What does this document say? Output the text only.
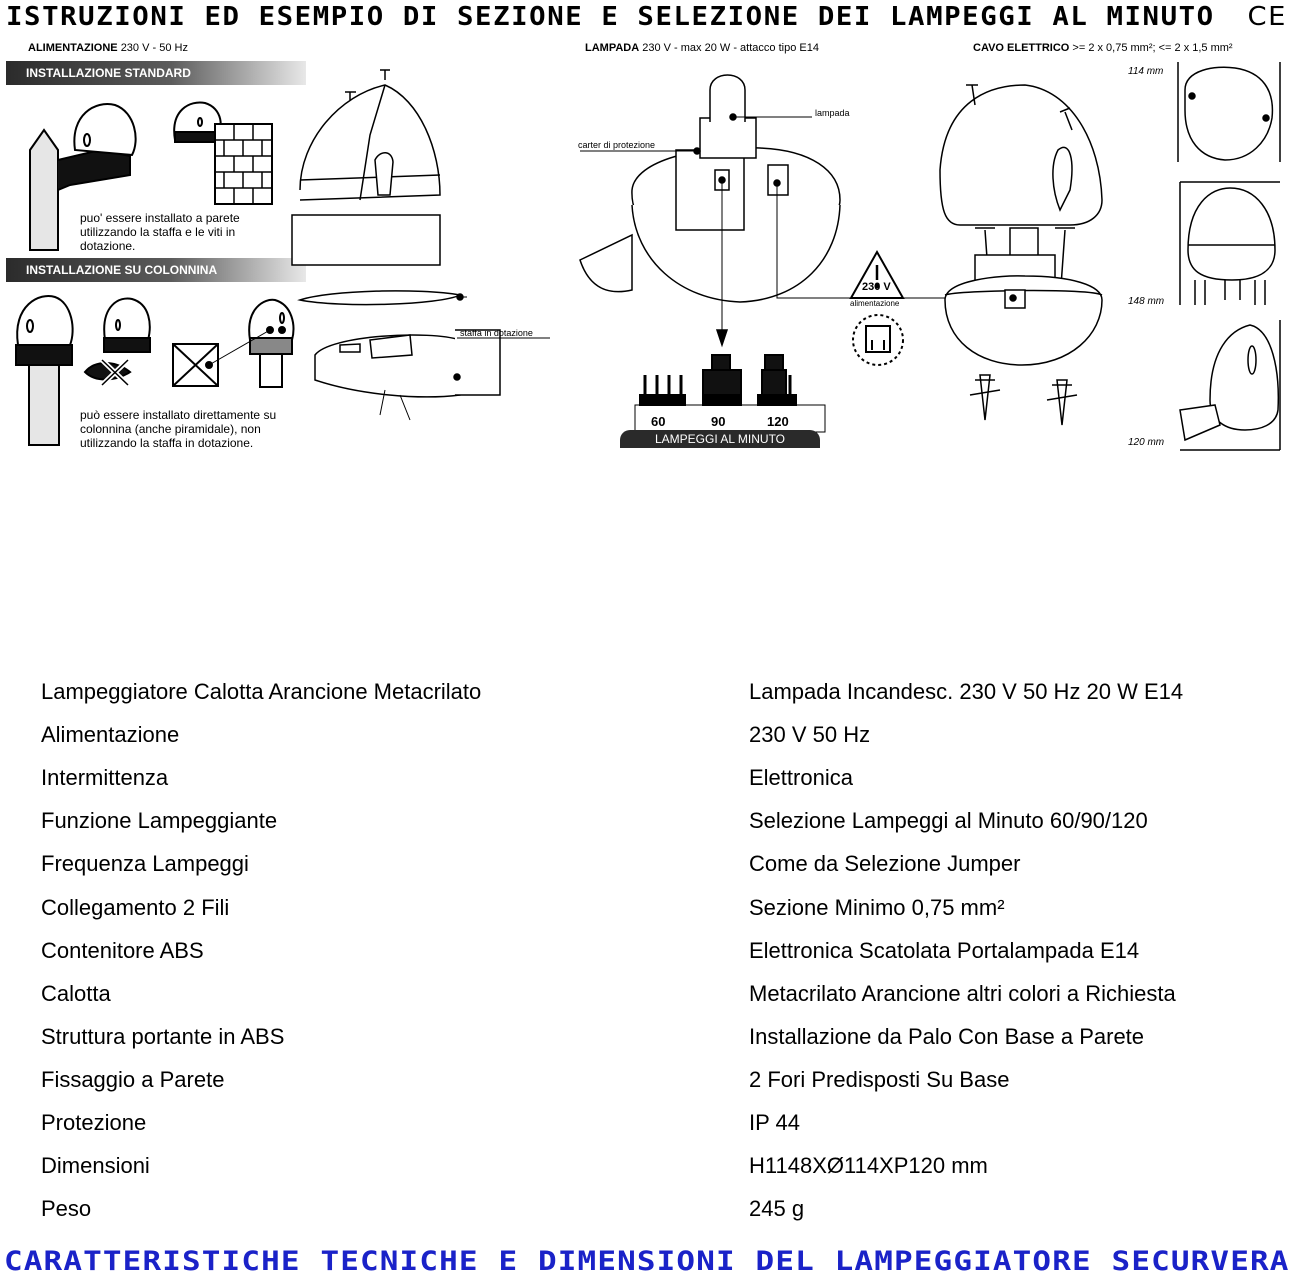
ISTRUZIONI ED ESEMPIO DI SEZIONE E SELEZIONE DEI LAMPEGGI AL MINUTO CE
ALIMENTAZIONE 230 V - 50 Hz	LAMPADA 230 V - max 20 W - attacco tipo E14	CAVO ELETTRICO >= 2 x 0,75 mm²; <= 2 x 1,5 mm²
INSTALLAZIONE STANDARD
INSTALLAZIONE SU COLONNINA
puo' essere installato a parete utilizzando la staffa e le viti in dotazione.
può essere installato direttamente su colonnina (anche piramidale), non utilizzando la staffa in dotazione.
staffa in dotazione
lampada
carter di protezione
230 V
alimentazione
60	90	120
LAMPEGGI AL MINUTO
114 mm
148 mm
120 mm
Lampeggiatore Calotta Arancione Metacrilato	Lampada Incandesc. 230 V 50 Hz 20 W E14
Alimentazione	230 V 50 Hz
Intermittenza	Elettronica
Funzione Lampeggiante	Selezione Lampeggi al Minuto 60/90/120
Frequenza Lampeggi	Come da Selezione Jumper
Collegamento 2 Fili	Sezione Minimo 0,75 mm²
Contenitore ABS	Elettronica Scatolata Portalampada E14
Calotta	Metacrilato Arancione altri colori a Richiesta
Struttura portante in ABS	Installazione da Palo Con Base a Parete
Fissaggio a Parete	2 Fori Predisposti Su Base
Protezione	IP 44
Dimensioni	H1148XØ114XP120 mm
Peso	245 g
CARATTERISTICHE TECNICHE E DIMENSIONI DEL LAMPEGGIATORE SECURVERA
